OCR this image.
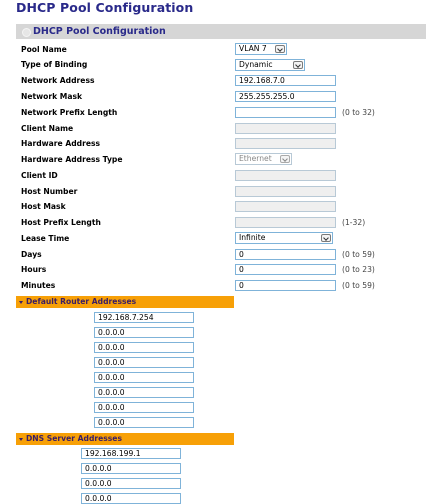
DHCP Pool Configuration
DHCP Pool Configuration
Pool Name	VLAN 7
Type of Binding	Dynamic
Network Address	192.168.7.0
Network Mask	255.255.255.0
Network Prefix Length	(0 to 32)
Client Name
Hardware Address
Hardware Address Type	Ethernet
Client ID
Host Number
Host Mask
Host Prefix Length	(1-32)
Lease Time	Infinite
Days	0	(0 to 59)
Hours	0	(0 to 23)
Minutes	0	(0 to 59)
Default Router Addresses
192.168.7.254
0.0.0.0
0.0.0.0
0.0.0.0
0.0.0.0
0.0.0.0
0.0.0.0
0.0.0.0
DNS Server Addresses
192.168.199.1
0.0.0.0
0.0.0.0
0.0.0.0
